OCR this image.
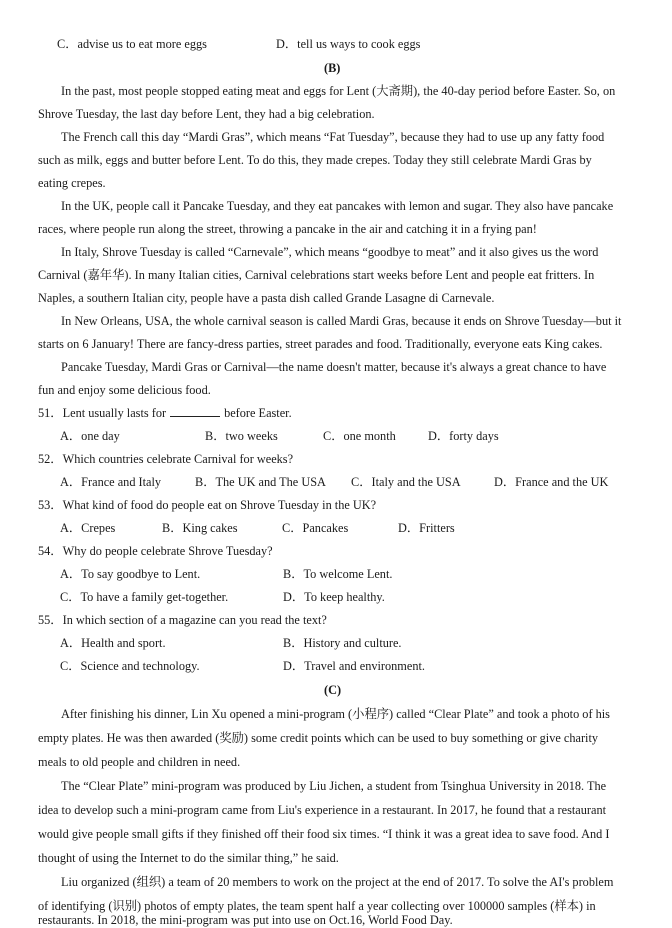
C．advise us to eat more eggs	D．tell us ways to cook eggs
(B)
In the past, most people stopped eating meat and eggs for Lent (大斋期), the 40-day period before Easter. So, on
Shrove Tuesday, the last day before Lent, they had a big celebration.
The French call this day “Mardi Gras”, which means “Fat Tuesday”, because they had to use up any fatty food
such as milk, eggs and butter before Lent. To do this, they made crepes. Today they still celebrate Mardi Gras by
eating crepes.
In the UK, people call it Pancake Tuesday, and they eat pancakes with lemon and sugar. They also have pancake
races, where people run along the street, throwing a pancake in the air and catching it in a frying pan!
In Italy, Shrove Tuesday is called “Carnevale”, which means “goodbye to meat” and it also gives us the word
Carnival (嘉年华). In many Italian cities, Carnival celebrations start weeks before Lent and people eat fritters. In
Naples, a southern Italian city, people have a pasta dish called Grande Lasagne di Carnevale.
In New Orleans, USA, the whole carnival season is called Mardi Gras, because it ends on Shrove Tuesday—but it
starts on 6 January! There are fancy-dress parties, street parades and food. Traditionally, everyone eats King cakes.
Pancake Tuesday, Mardi Gras or Carnival—the name doesn't matter, because it's always a great chance to have
fun and enjoy some delicious food.
51．Lent usually lasts for	before Easter.
A．one day	B．two weeks	C．one month	D．forty days
52．Which countries celebrate Carnival for weeks?
A．France and Italy	B．The UK and The USA C．Italy and the USA	D．France and the UK
53．What kind of food do people eat on Shrove Tuesday in the UK?
A．Crepes	B．King cakes	C．Pancakes	D．Fritters
54．Why do people celebrate Shrove Tuesday?
A．To say goodbye to Lent.	B．To welcome Lent.
C．To have a family get-together.	D．To keep healthy.
55．In which section of a magazine can you read the text?
A．Health and sport.	B．History and culture.
C．Science and technology.	D．Travel and environment.
(C)
After finishing his dinner, Lin Xu opened a mini-program (小程序) called “Clear Plate” and took a photo of his
empty plates. He was then awarded (奖励) some credit points which can be used to buy something or give charity
meals to old people and children in need.
The “Clear Plate” mini-program was produced by Liu Jichen, a student from Tsinghua University in 2018. The
idea to develop such a mini-program came from Liu's experience in a restaurant. In 2017, he found that a restaurant
would give people small gifts if they finished off their food six times. “I think it was a great idea to save food. And I
thought of using the Internet to do the similar thing,” he said.
Liu organized (组织) a team of 20 members to work on the project at the end of 2017. To solve the AI's problem
of identifying (识别) photos of empty plates, the team spent half a year collecting over 100000 samples (样本) in
restaurants. In 2018, the mini-program was put into use on Oct.16, World Food Day.
